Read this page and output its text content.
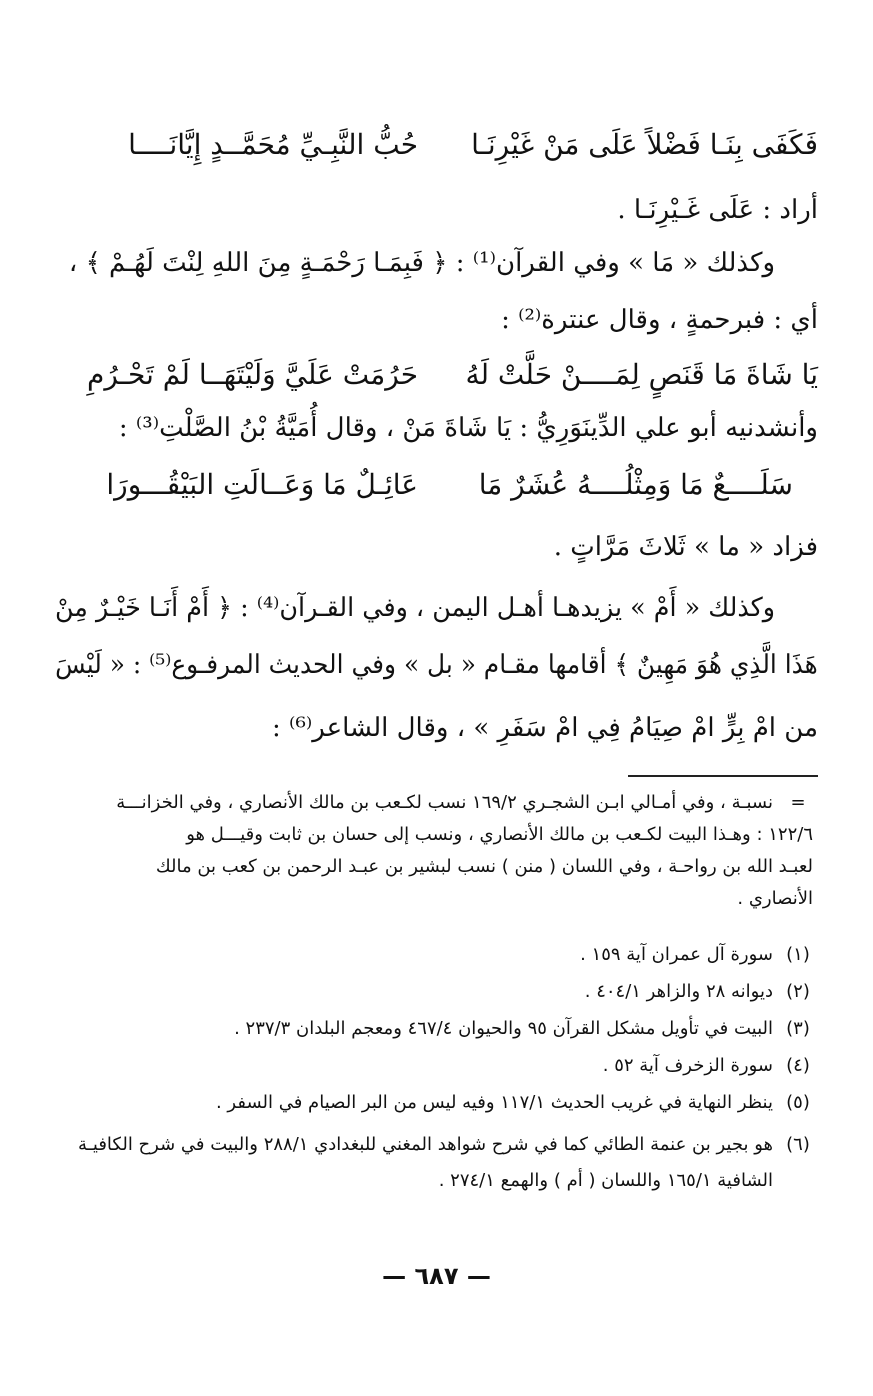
فَكَفَى بِنَـا فَضْلاً عَلَى مَنْ غَيْرِنَـا
حُبُّ النَّبِـيِّ مُحَمَّــدٍ إِيَّانَــــا
أراد : عَلَى غَـيْرِنَـا .
وكذلك « مَا » وفي القرآن⁽¹⁾ : ﴿ فَبِمَـا رَحْمَـةٍ مِنَ اللهِ لِنْتَ لَهُـمْ ﴾ ،
أي : فبرحمةٍ ، وقال عنترة⁽²⁾ :
يَا شَاةَ مَا قَنَصٍ لِمَــــنْ حَلَّتْ لَهُ
حَرُمَتْ عَلَيَّ وَلَيْتَهَــا لَمْ تَحْـرُمِ
وأنشدنيه أبو علي الدِّينَوَرِيُّ : يَا شَاةَ مَنْ ، وقال أُمَيَّةُ بْنُ الصَّلْتِ⁽³⁾ :
سَلَــــعٌ مَا وَمِثْلُــــهُ عُشَرٌ مَا
عَائِـلٌ مَا وَعَــالَتِ البَيْقُـــورَا
فزاد « ما » ثَلاثَ مَرَّاتٍ .
وكذلك « أَمْ » يزيدهـا أهـل اليمن ، وفي القـرآن⁽⁴⁾ : ﴿ أَمْ أَنَـا خَيْـرٌ مِنْ
هَذَا الَّذِي هُوَ مَهِينٌ ﴾ أقامها مقـام « بل » وفي الحديث المرفـوع⁽⁵⁾ : « لَيْسَ
من امْ بِرٍّ امْ صِيَامُ فِي امْ سَفَرِ » ، وقال الشاعر⁽⁶⁾ :
=
نسبـة ، وفي أمـالي ابـن الشجـري ١٦٩/٢ نسب لكـعب بن مالك الأنصاري ، وفي الخزانـــة
١٢٢/٦ : وهـذا البيت لكـعب بن مالك الأنصاري ، ونسب إلى حسان بن ثابت وقيـــل هو
لعبـد الله بن رواحـة ، وفي اللسان ( منن ) نسب لبشير بن عبـد الرحمن بن كعب بن مالك
الأنصاري .
(١)
سورة آل عمران آية ١٥٩ .
(٢)
ديوانه ٢٨ والزاهر ٤٠٤/١ .
(٣)
البيت في تأويل مشكل القرآن ٩٥ والحيوان ٤٦٧/٤ ومعجم البلدان ٢٣٧/٣ .
(٤)
سورة الزخرف آية ٥٢ .
(٥)
ينظر النهاية في غريب الحديث ١١٧/١ وفيه ليس من البر الصيام في السفر .
(٦)
هو بجير بن عنمة الطائي كما في شرح شواهد المغني للبغدادي ٢٨٨/١ والبيت في شرح الكافيـة
الشافية ١٦٥/١ واللسان ( أم ) والهمع ٢٧٤/١ .
— ٦٨٧ —
